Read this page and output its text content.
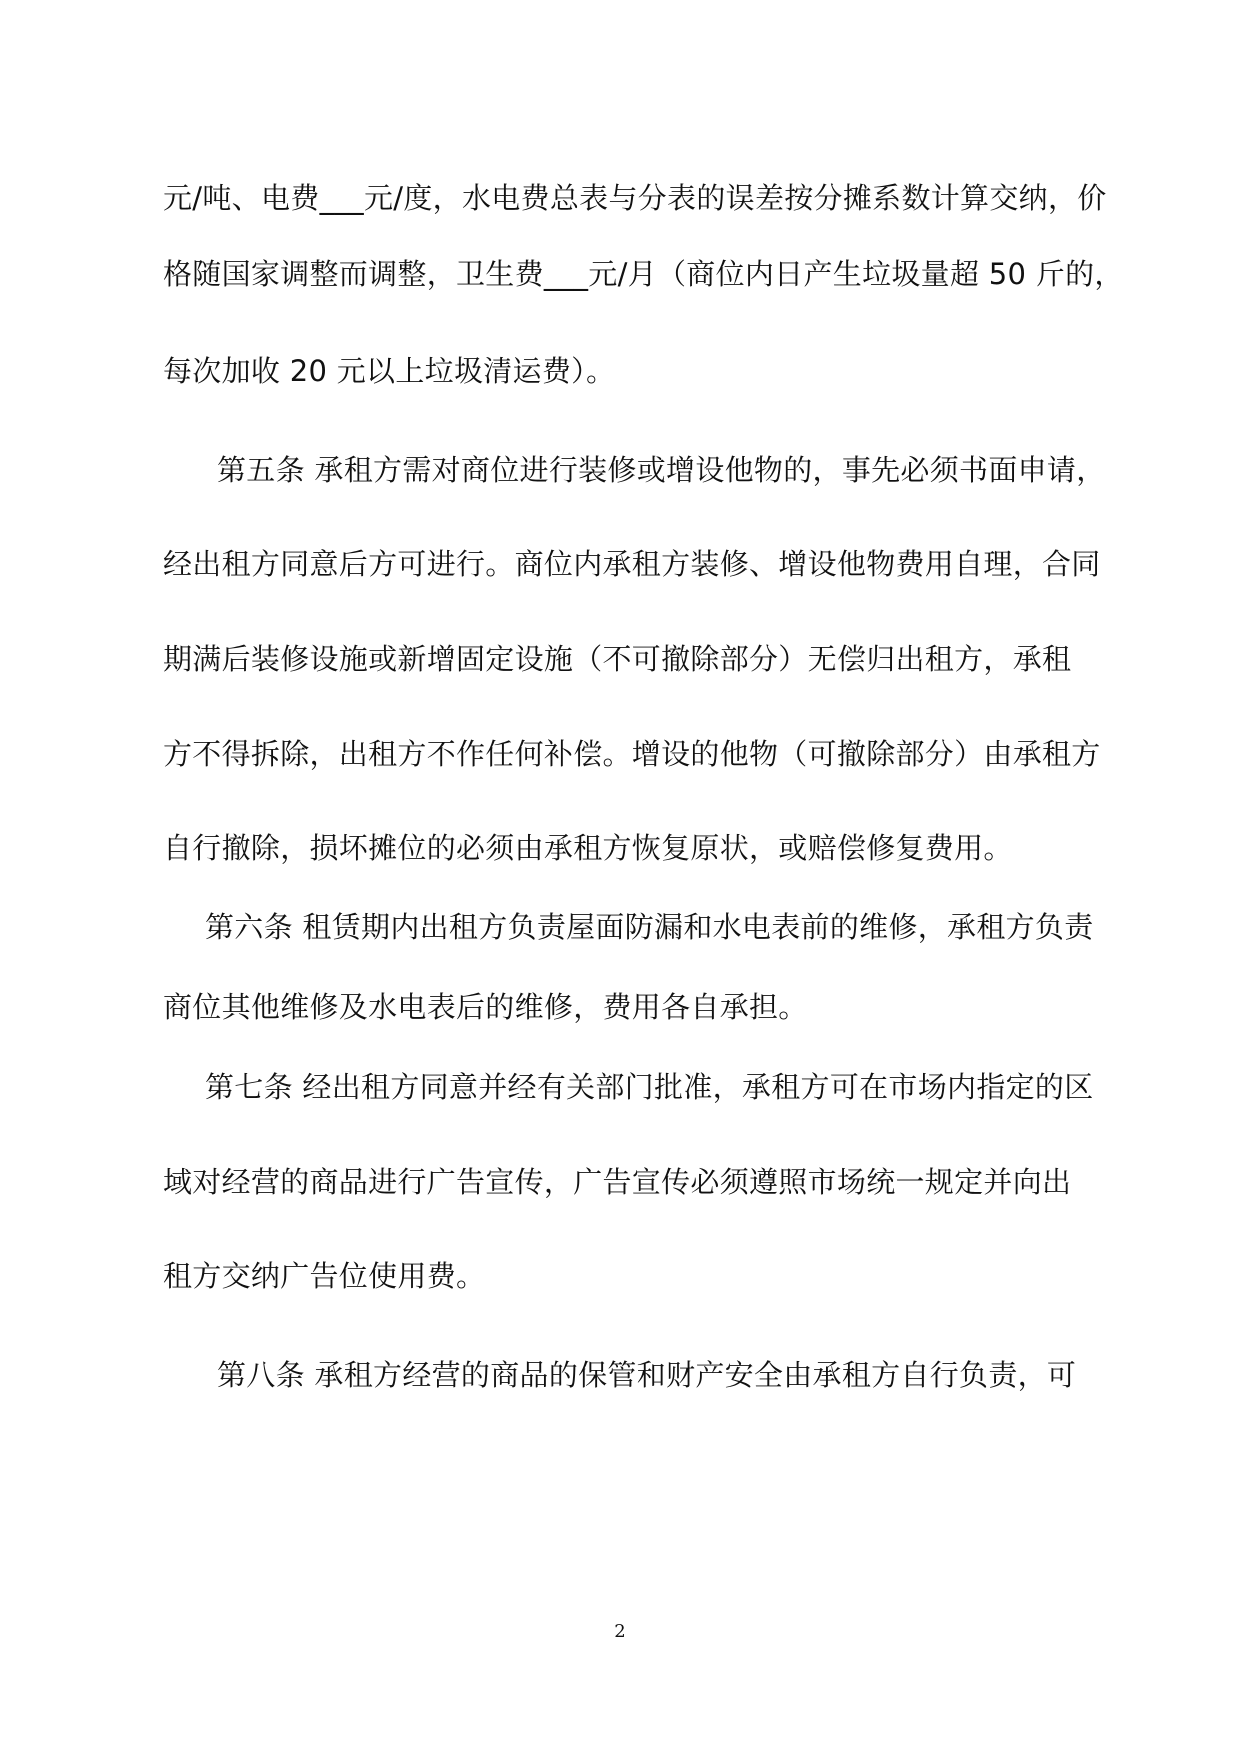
元/吨、电费___元/度，水电费总表与分表的误差按分摊系数计算交纳，价
格随国家调整而调整，卫生费___元/月（商位内日产生垃圾量超 50 斤的，
每次加收 20 元以上垃圾清运费）。
第五条 承租方需对商位进行装修或增设他物的，事先必须书面申请，
经出租方同意后方可进行。商位内承租方装修、增设他物费用自理，合同
期满后装修设施或新增固定设施（不可撤除部分）无偿归出租方，承租
方不得拆除，出租方不作任何补偿。增设的他物（可撤除部分）由承租方
自行撤除，损坏摊位的必须由承租方恢复原状，或赔偿修复费用。
第六条 租赁期内出租方负责屋面防漏和水电表前的维修，承租方负责
商位其他维修及水电表后的维修，费用各自承担。
第七条 经出租方同意并经有关部门批准，承租方可在市场内指定的区
域对经营的商品进行广告宣传，广告宣传必须遵照市场统一规定并向出
租方交纳广告位使用费。
第八条 承租方经营的商品的保管和财产安全由承租方自行负责，可
2
